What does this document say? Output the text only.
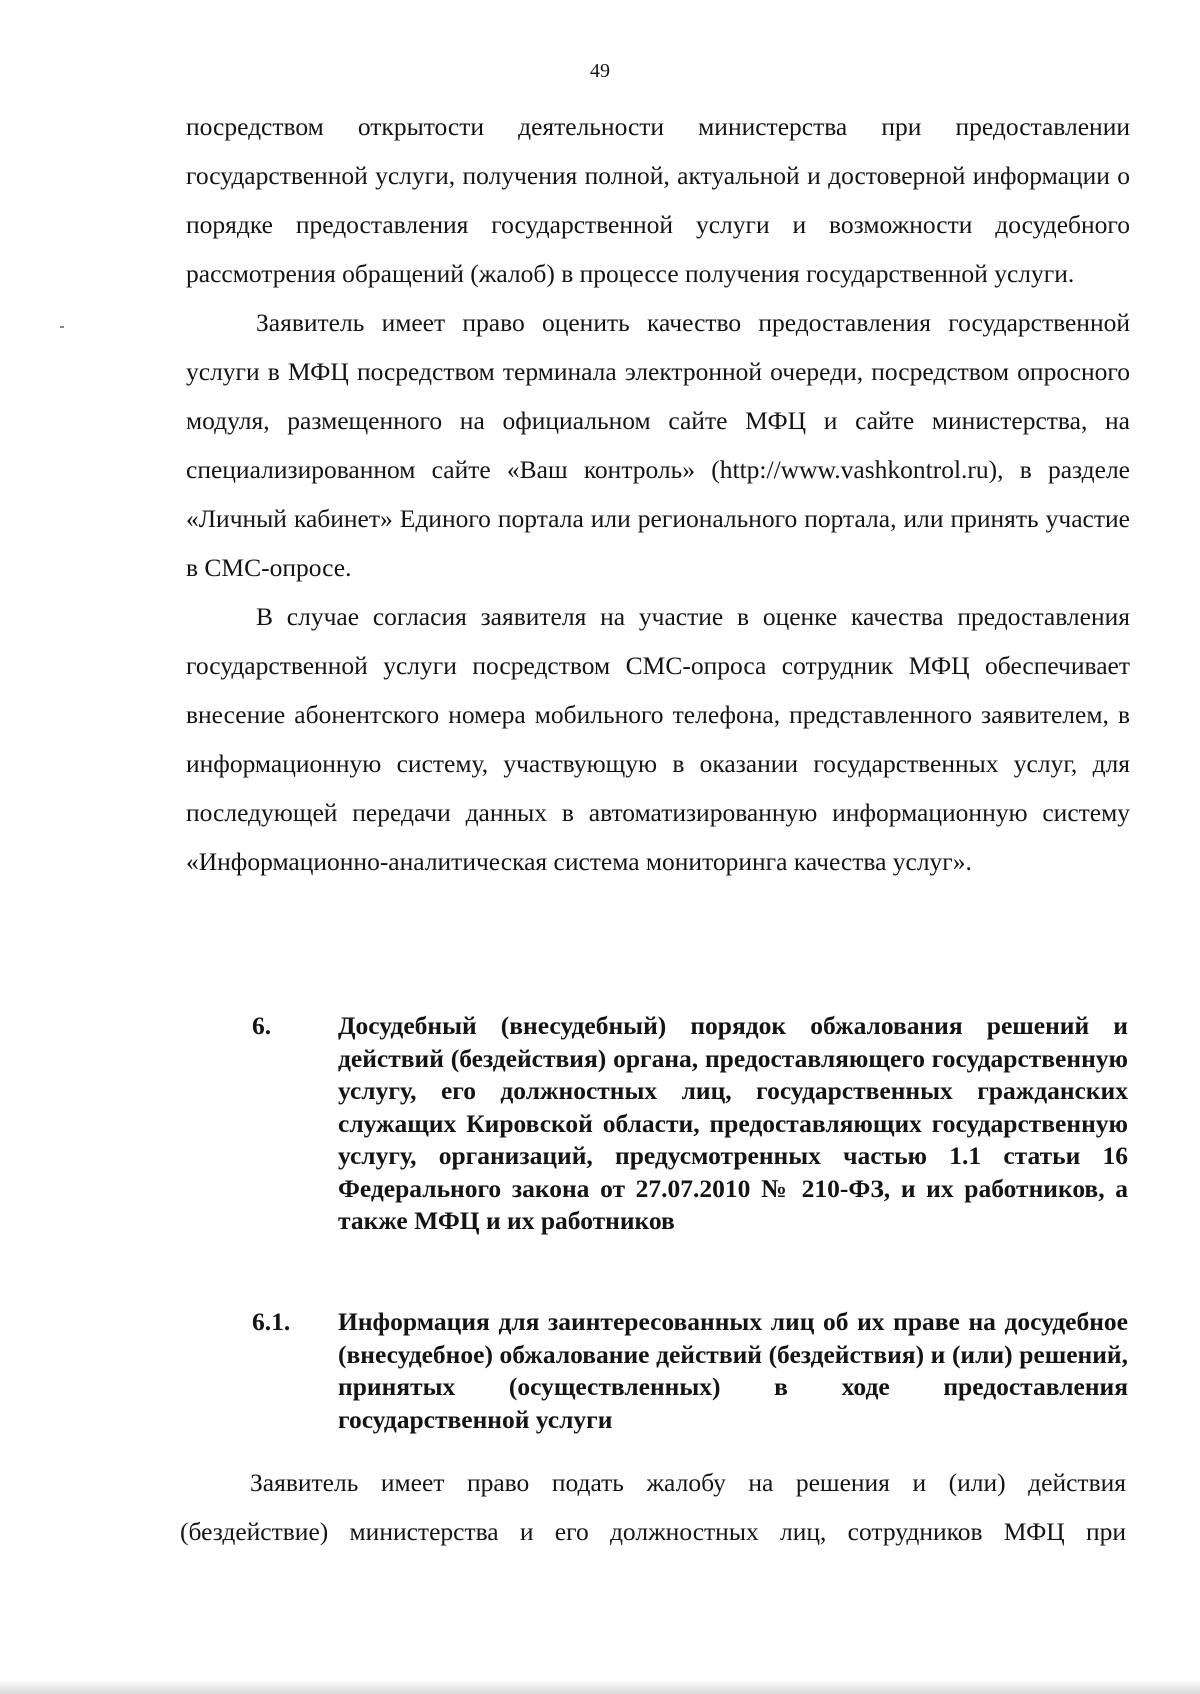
49

посредством открытости деятельности министерства при предоставлении государственной услуги, получения полной, актуальной и достоверной информации о порядке предоставления государственной услуги и возможности досудебного рассмотрения обращений (жалоб) в процессе получения государственной услуги.

Заявитель имеет право оценить качество предоставления государственной услуги в МФЦ посредством терминала электронной очереди, посредством опросного модуля, размещенного на официальном сайте МФЦ и сайте министерства, на специализированном сайте «Ваш контроль» (http://www.vashkontrol.ru), в разделе «Личный кабинет» Единого портала или регионального портала, или принять участие в СМС-опросе.

В случае согласия заявителя на участие в оценке качества предоставления государственной услуги посредством СМС-опроса сотрудник МФЦ обеспечивает внесение абонентского номера мобильного телефона, представленного заявителем, в информационную систему, участвующую в оказании государственных услуг, для последующей передачи данных в автоматизированную информационную систему «Информационно-аналитическая система мониторинга качества услуг».

6.	Досудебный (внесудебный) порядок обжалования решений и действий (бездействия) органа, предоставляющего государственную услугу, его должностных лиц, государственных гражданских служащих Кировской области, предоставляющих государственную услугу, организаций, предусмотренных частью 1.1 статьи 16 Федерального закона от 27.07.2010 № 210-ФЗ, и их работников, а также МФЦ и их работников
6.1. Информация для заинтересованных лиц об их праве на досудебное (внесудебное) обжалование действий (бездействия) и (или) решений, принятых (осуществленных) в ходе предоставления государственной услуги

Заявитель имеет право подать жалобу на решения и (или) действия (бездействие) министерства и его должностных лиц, сотрудников МФЦ при
